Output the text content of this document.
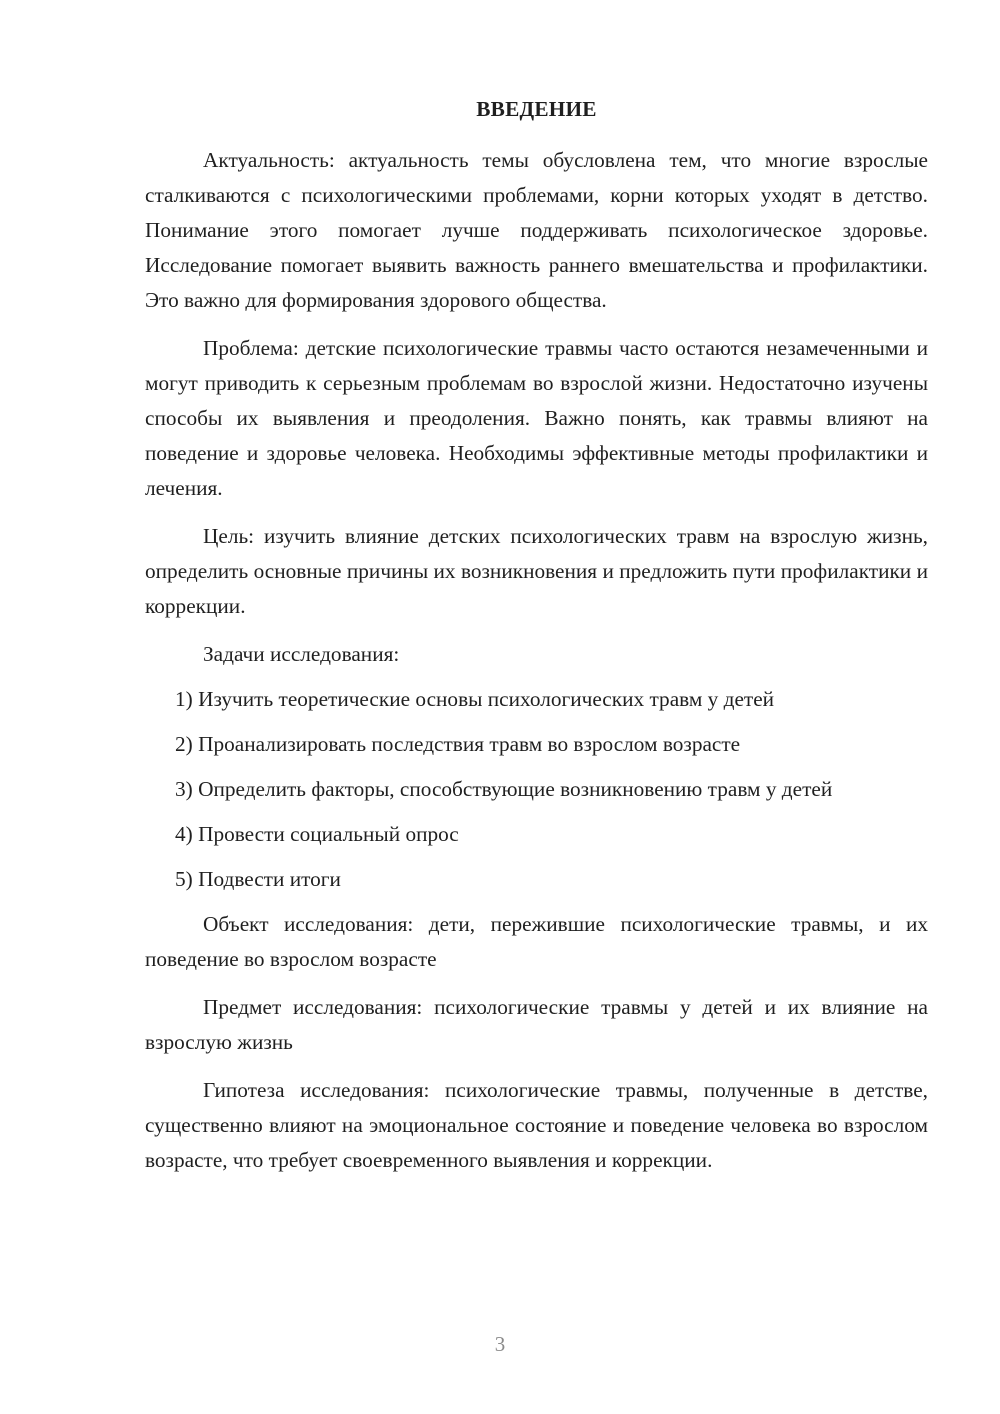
ВВЕДЕНИЕ

Актуальность: актуальность темы обусловлена тем, что многие взрослые сталкиваются с психологическими проблемами, корни которых уходят в детство. Понимание этого помогает лучше поддерживать психологическое здоровье. Исследование помогает выявить важность раннего вмешательства и профилактики. Это важно для формирования здорового общества.

Проблема: детские психологические травмы часто остаются незамеченными и могут приводить к серьезным проблемам во взрослой жизни. Недостаточно изучены способы их выявления и преодоления. Важно понять, как травмы влияют на поведение и здоровье человека. Необходимы эффективные методы профилактики и лечения.

Цель: изучить влияние детских психологических травм на взрослую жизнь, определить основные причины их возникновения и предложить пути профилактики и коррекции.

Задачи исследования:

1) Изучить теоретические основы психологических травм у детей

2) Проанализировать последствия травм во взрослом возрасте

3) Определить факторы, способствующие возникновению травм у детей

4) Провести социальный опрос

5) Подвести итоги

Объект исследования: дети, пережившие психологические травмы, и их поведение во взрослом возрасте

Предмет исследования: психологические травмы у детей и их влияние на взрослую жизнь

Гипотеза исследования: психологические травмы, полученные в детстве, существенно влияют на эмоциональное состояние и поведение человека во взрослом возрасте, что требует своевременного выявления и коррекции.

3
